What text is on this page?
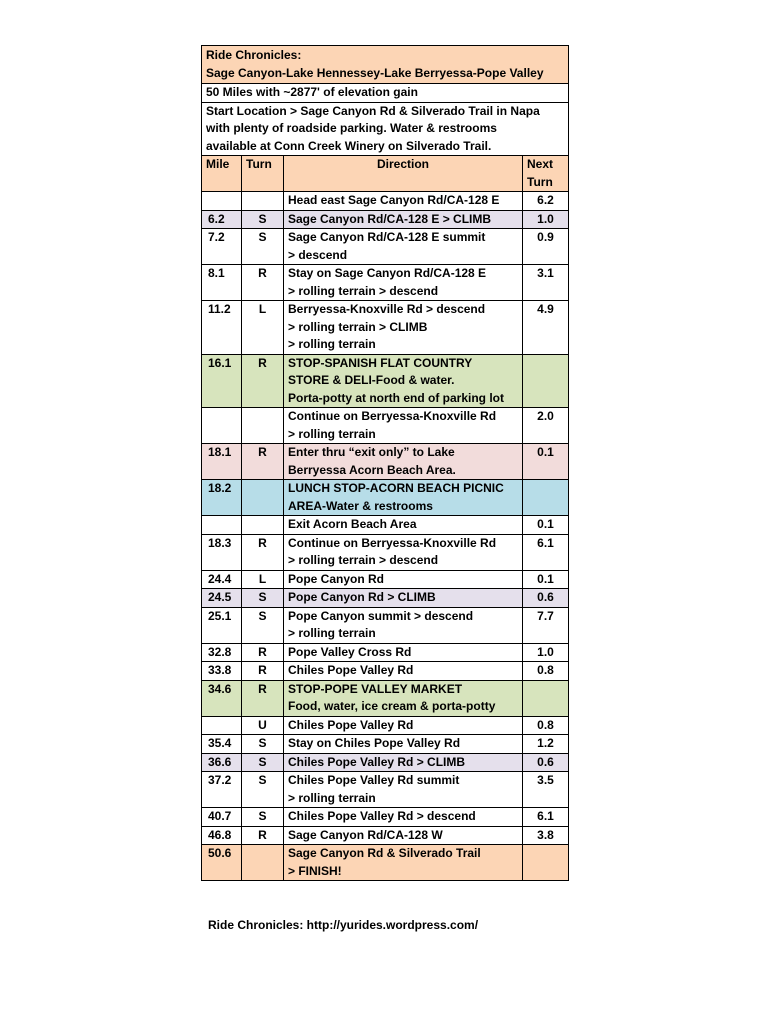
Ride Chronicles:
Sage Canyon-Lake Hennessey-Lake Berryessa-Pope Valley			

50 Miles with ~2877' of elevation gain			

Start Location > Sage Canyon Rd & Silverado Trail in Napa
with plenty of roadside parking. Water & restrooms
available at Conn Creek Winery on Silverado Trail.			

Mile	Turn	Direction	Next
Turn

		Head east Sage Canyon Rd/CA-128 E	6.2
6.2	S	Sage Canyon Rd/CA-128 E > CLIMB	1.0
7.2	S	Sage Canyon Rd/CA-128 E summit
> descend	0.9
8.1	R	Stay on Sage Canyon Rd/CA-128 E
> rolling terrain > descend	3.1
11.2	L	Berryessa-Knoxville Rd > descend
> rolling terrain > CLIMB
> rolling terrain	4.9
16.1	R	STOP-SPANISH FLAT COUNTRY
STORE & DELI-Food & water.
Porta-potty at north end of parking lot	

		Continue on Berryessa-Knoxville Rd
> rolling terrain	2.0
18.1	R	Enter thru “exit only” to Lake
Berryessa Acorn Beach Area.	0.1
18.2		LUNCH STOP-ACORN BEACH PICNIC
AREA-Water & restrooms	

		Exit Acorn Beach Area	0.1
18.3	R	Continue on Berryessa-Knoxville Rd
> rolling terrain > descend	6.1
24.4	L	Pope Canyon Rd	0.1
24.5	S	Pope Canyon Rd > CLIMB	0.6
25.1	S	Pope Canyon summit > descend
> rolling terrain	7.7
32.8	R	Pope Valley Cross Rd	1.0
33.8	R	Chiles Pope Valley Rd	0.8
34.6	R	STOP-POPE VALLEY MARKET
Food, water, ice cream & porta-potty	

	U	Chiles Pope Valley Rd	0.8
35.4	S	Stay on Chiles Pope Valley Rd	1.2
36.6	S	Chiles Pope Valley Rd > CLIMB	0.6
37.2	S	Chiles Pope Valley Rd summit
> rolling terrain	3.5
40.7	S	Chiles Pope Valley Rd > descend	6.1
46.8	R	Sage Canyon Rd/CA-128 W	3.8
50.6		Sage Canyon Rd & Silverado Trail
> FINISH!	

Ride Chronicles: http://yurides.wordpress.com/
